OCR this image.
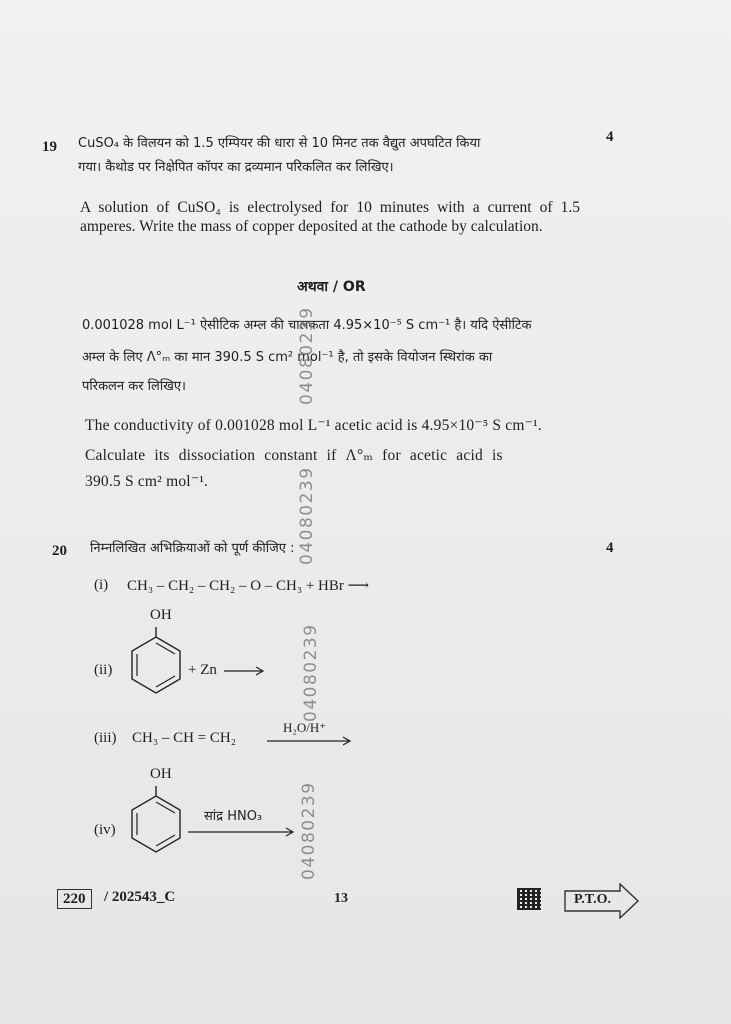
19
4
CuSO₄ के विलयन को 1.5 एम्पियर की धारा से 10 मिनट तक वैद्युत अपघटित किया
गया। कैथोड पर निक्षेपित कॉपर का द्रव्यमान परिकलित कर लिखिए।
A solution of CuSO₄ is electrolysed for 10 minutes with a current of 1.5 amperes. Write the mass of copper deposited at the cathode by calculation.
अथवा / OR
0.001028 mol L⁻¹ ऐसीटिक अम्ल की चालकता 4.95×10⁻⁵ S cm⁻¹ है। यदि ऐसीटिक
अम्ल के लिए Λ°ₘ का मान 390.5 S cm² mol⁻¹ है, तो इसके वियोजन स्थिरांक का
परिकलन कर लिखिए।
The conductivity of 0.001028 mol L⁻¹ acetic acid is 4.95×10⁻⁵ S cm⁻¹.
Calculate its dissociation constant if Λ°ₘ for acetic acid is
390.5 S cm² mol⁻¹.
20	4
निम्नलिखित अभिक्रियाओं को पूर्ण कीजिए :
(i) CH₃ – CH₂ – CH₂ – O – CH₃ + HBr ⟶
(ii)
OH
+ Zn
(iii) CH₃ – CH = CH₂
H₂O/H⁺
(iv)
OH
सांद्र HNO₃ 04080239
04080239
04080239
04080239
220	/ 202543_C	13	P.T.O.
